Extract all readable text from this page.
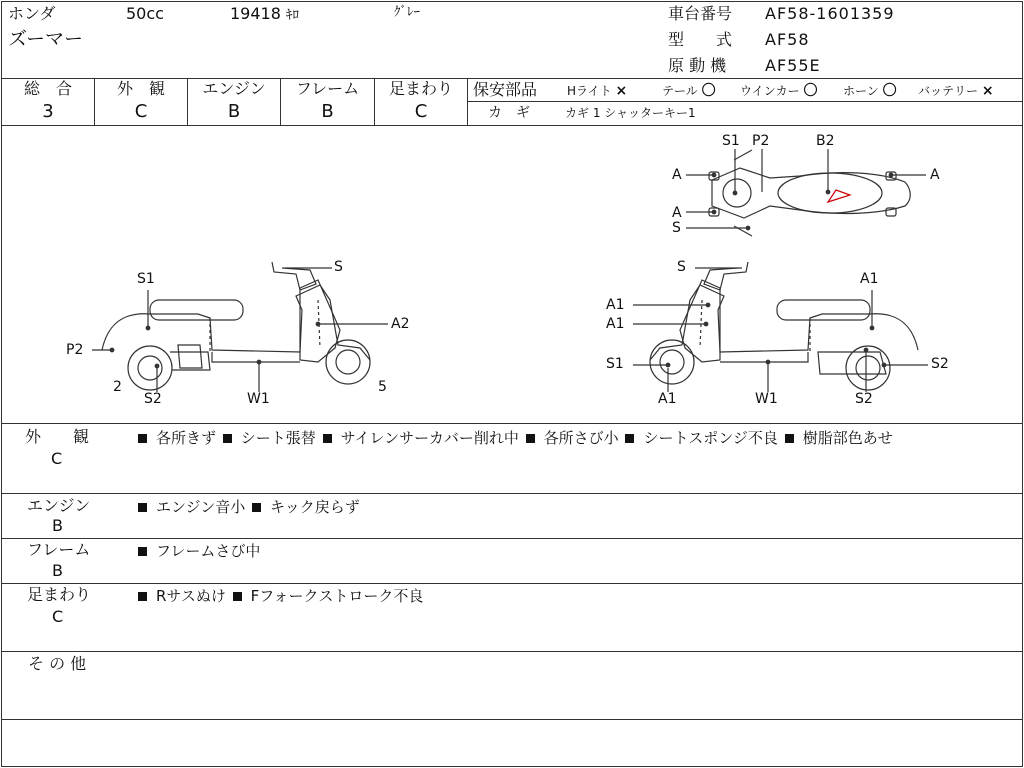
ホンダ	50cc	19418 ｷﾛ	ｸﾞﾚｰ
ズーマー
車台番号 AF58-1601359
型　　式 AF58
原 動 機 AF55E
総　合
3
外　観
C
エンジン
B
フレーム
B
足まわり
C
保安部品 Hライト ×	テール 〇 ウインカー 〇 ホーン 〇 バッテリー ×
カ　ギ	カギ 1 シャッターキー1
S1
S
A2
P2
2
S2	W1
5
S
A1
A1
A1
S1
A1	W1
S2
S2
S1 P2	B2
A	A
A
S
外　　観
C
各所きず シート張替 サイレンサーカバー削れ中 各所さび小 シートスポンジ不良 樹脂部色あせ
エンジン
B
エンジン音小 キック戻らず
フレーム
B
フレームさび中
足まわり
C
Rサスぬけ Fフォークストローク不良
そ の 他
